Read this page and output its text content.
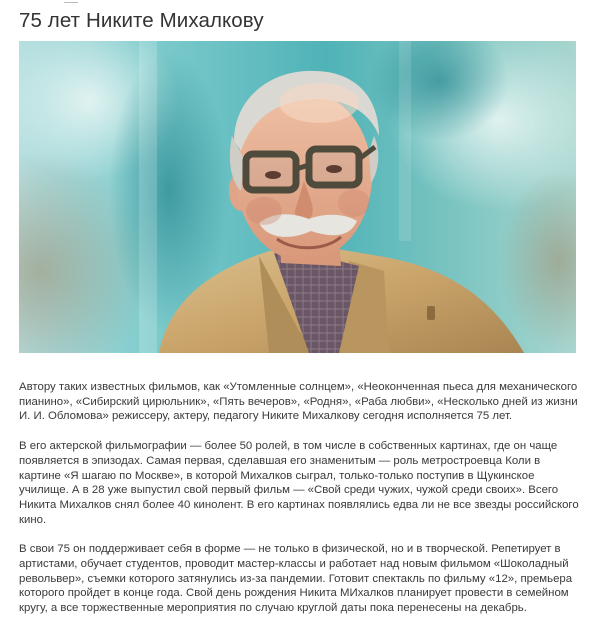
75 лет Никите Михалкову

Автору таких известных фильмов, как «Утомленные солнцем», «Неоконченная пьеса для механического пианино», «Сибирский цирюльник», «Пять вечеров», «Родня», «Раба любви», «Несколько дней из жизни И. И. Обломова» режиссеру, актеру, педагогу Никите Михалкову сегодня исполняется 75 лет.

В его актерской фильмографии — более 50 ролей, в том числе в собственных картинах, где он чаще появляется в эпизодах. Самая первая, сделавшая его знаменитым — роль метростроевца Коли в картине «Я шагаю по Москве», в которой Михалков сыграл, только-только поступив в Щукинское училище. А в 28 уже выпустил свой первый фильм — «Свой среди чужих, чужой среди своих». Всего Никита Михалков снял более 40 кинолент. В его картинах появлялись едва ли не все звезды российского кино.

В свои 75 он поддерживает себя в форме — не только в физической, но и в творческой. Репетирует в артистами, обучает студентов, проводит мастер-классы и работает над новым фильмом «Шоколадный револьвер», съемки которого затянулись из-за пандемии. Готовит спектакль по фильму «12», премьера которого пройдет в конце года. Свой день рождения Никита МИхалков планирует провести в семейном кругу, а все торжественные мероприятия по случаю круглой даты пока перенесены на декабрь.
